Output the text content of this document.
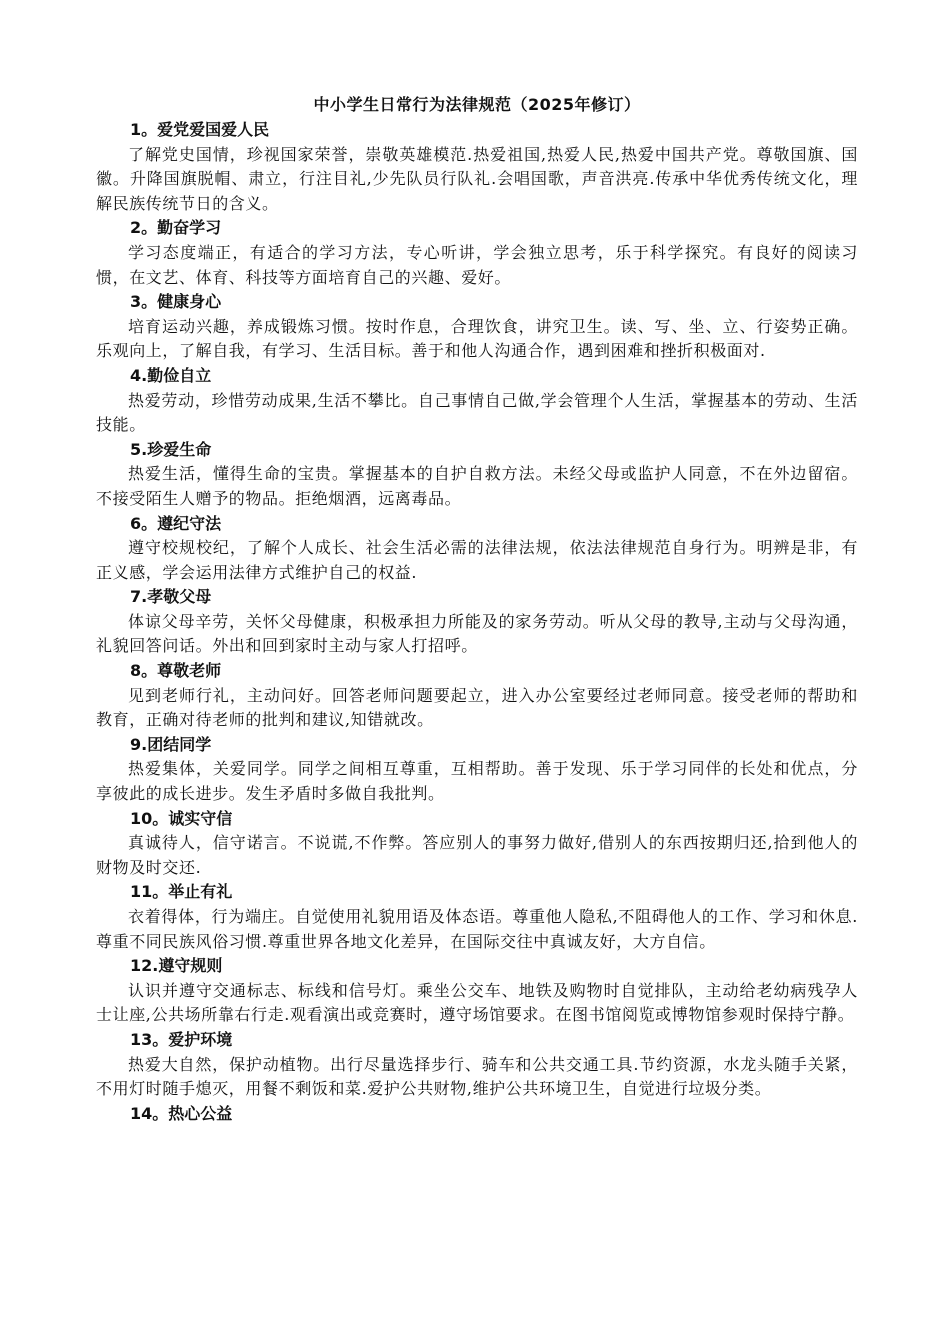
中小学生日常行为法律规范（2025年修订）
1。爱党爱国爱人民

了解党史国情，珍视国家荣誉，崇敬英雄模范.热爱祖国,热爱人民,热爱中国共产党。尊敬国旗、国徽。升降国旗脱帽、肃立，行注目礼,少先队员行队礼.会唱国歌，声音洪亮.传承中华优秀传统文化，理解民族传统节日的含义。

2。勤奋学习

学习态度端正，有适合的学习方法，专心听讲，学会独立思考，乐于科学探究。有良好的阅读习惯，在文艺、体育、科技等方面培育自己的兴趣、爱好。

3。健康身心

培育运动兴趣，养成锻炼习惯。按时作息，合理饮食，讲究卫生。读、写、坐、立、行姿势正确。乐观向上，了解自我，有学习、生活目标。善于和他人沟通合作，遇到困难和挫折积极面对.

4.勤俭自立

热爱劳动，珍惜劳动成果,生活不攀比。自己事情自己做,学会管理个人生活，掌握基本的劳动、生活技能。

5.珍爱生命

热爱生活，懂得生命的宝贵。掌握基本的自护自救方法。未经父母或监护人同意，不在外边留宿。不接受陌生人赠予的物品。拒绝烟酒，远离毒品。

6。遵纪守法

遵守校规校纪，了解个人成长、社会生活必需的法律法规，依法法律规范自身行为。明辨是非，有正义感，学会运用法律方式维护自己的权益.

7.孝敬父母

体谅父母辛劳，关怀父母健康，积极承担力所能及的家务劳动。听从父母的教导,主动与父母沟通，礼貌回答问话。外出和回到家时主动与家人打招呼。

8。尊敬老师

见到老师行礼，主动问好。回答老师问题要起立，进入办公室要经过老师同意。接受老师的帮助和教育，正确对待老师的批判和建议,知错就改。

9.团结同学

热爱集体，关爱同学。同学之间相互尊重，互相帮助。善于发现、乐于学习同伴的长处和优点，分享彼此的成长进步。发生矛盾时多做自我批判。

10。诚实守信

真诚待人，信守诺言。不说谎,不作弊。答应别人的事努力做好,借别人的东西按期归还,拾到他人的财物及时交还.

11。举止有礼

衣着得体，行为端庄。自觉使用礼貌用语及体态语。尊重他人隐私,不阻碍他人的工作、学习和休息.尊重不同民族风俗习惯.尊重世界各地文化差异，在国际交往中真诚友好，大方自信。

12.遵守规则

认识并遵守交通标志、标线和信号灯。乘坐公交车、地铁及购物时自觉排队，主动给老幼病残孕人士让座,公共场所靠右行走.观看演出或竞赛时，遵守场馆要求。在图书馆阅览或博物馆参观时保持宁静。

13。爱护环境

热爱大自然，保护动植物。出行尽量选择步行、骑车和公共交通工具.节约资源，水龙头随手关紧，不用灯时随手熄灭，用餐不剩饭和菜.爱护公共财物,维护公共环境卫生，自觉进行垃圾分类。

14。热心公益
